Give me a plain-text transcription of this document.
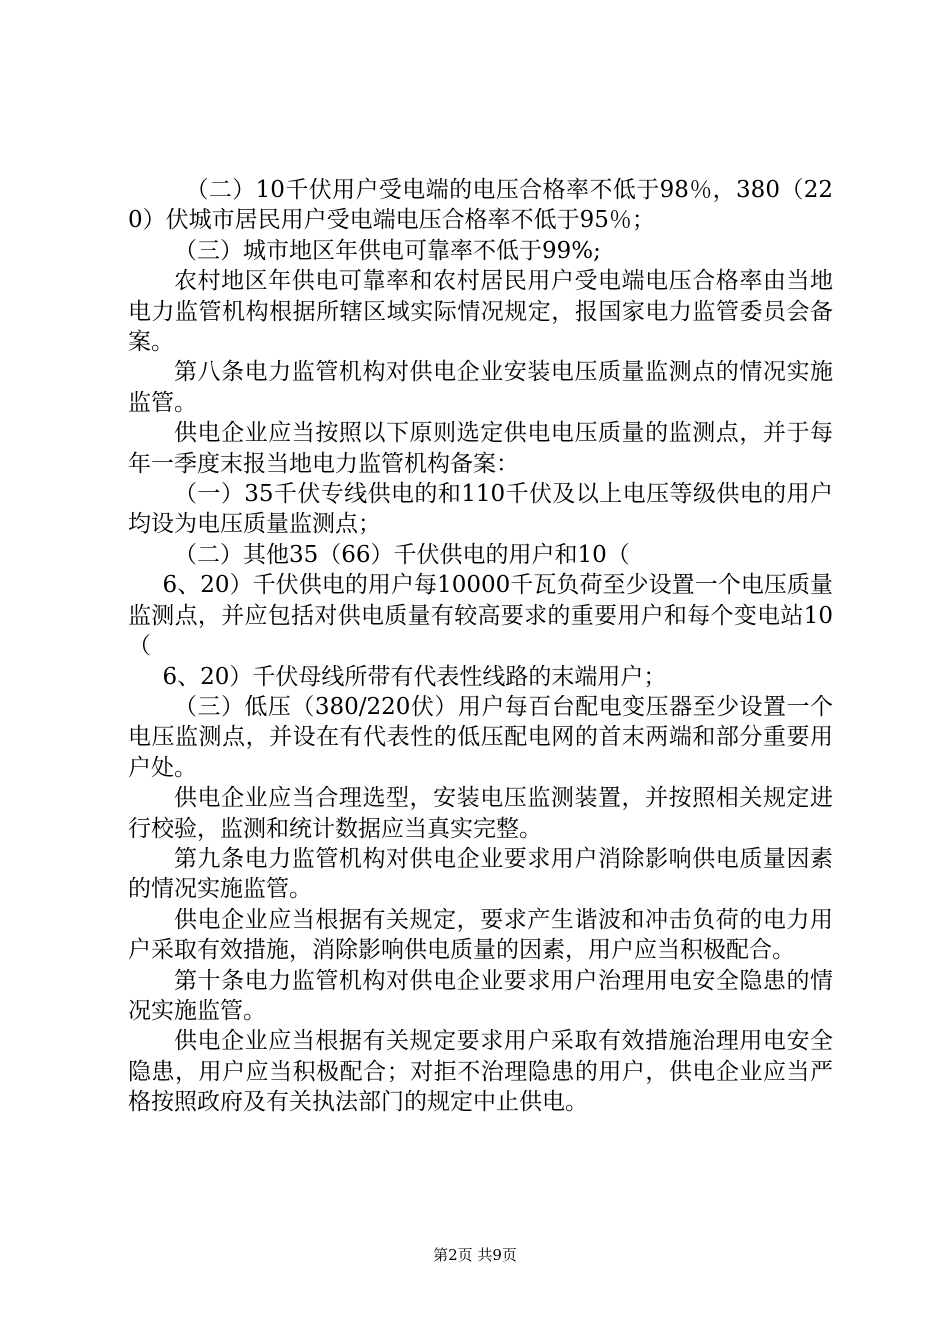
（二）10千伏用户受电端的电压合格率不低于98％，380（220）伏城市居民用户受电端电压合格率不低于95％；

（三）城市地区年供电可靠率不低于99%;

农村地区年供电可靠率和农村居民用户受电端电压合格率由当地电力监管机构根据所辖区域实际情况规定，报国家电力监管委员会备案。

第八条电力监管机构对供电企业安装电压质量监测点的情况实施监管。

供电企业应当按照以下原则选定供电电压质量的监测点，并于每年一季度末报当地电力监管机构备案：

（一）35千伏专线供电的和110千伏及以上电压等级供电的用户均设为电压质量监测点；

（二）其他35（66）千伏供电的用户和10（

6、20）千伏供电的用户每10000千瓦负荷至少设置一个电压质量监测点，并应包括对供电质量有较高要求的重要用户和每个变电站10（

6、20）千伏母线所带有代表性线路的末端用户；

（三）低压（380/220伏）用户每百台配电变压器至少设置一个电压监测点，并设在有代表性的低压配电网的首末两端和部分重要用户处。

供电企业应当合理选型，安装电压监测装置，并按照相关规定进行校验，监测和统计数据应当真实完整。

第九条电力监管机构对供电企业要求用户消除影响供电质量因素的情况实施监管。

供电企业应当根据有关规定，要求产生谐波和冲击负荷的电力用户采取有效措施，消除影响供电质量的因素，用户应当积极配合。

第十条电力监管机构对供电企业要求用户治理用电安全隐患的情况实施监管。

供电企业应当根据有关规定要求用户采取有效措施治理用电安全隐患，用户应当积极配合；对拒不治理隐患的用户，供电企业应当严格按照政府及有关执法部门的规定中止供电。

第2页 共9页
